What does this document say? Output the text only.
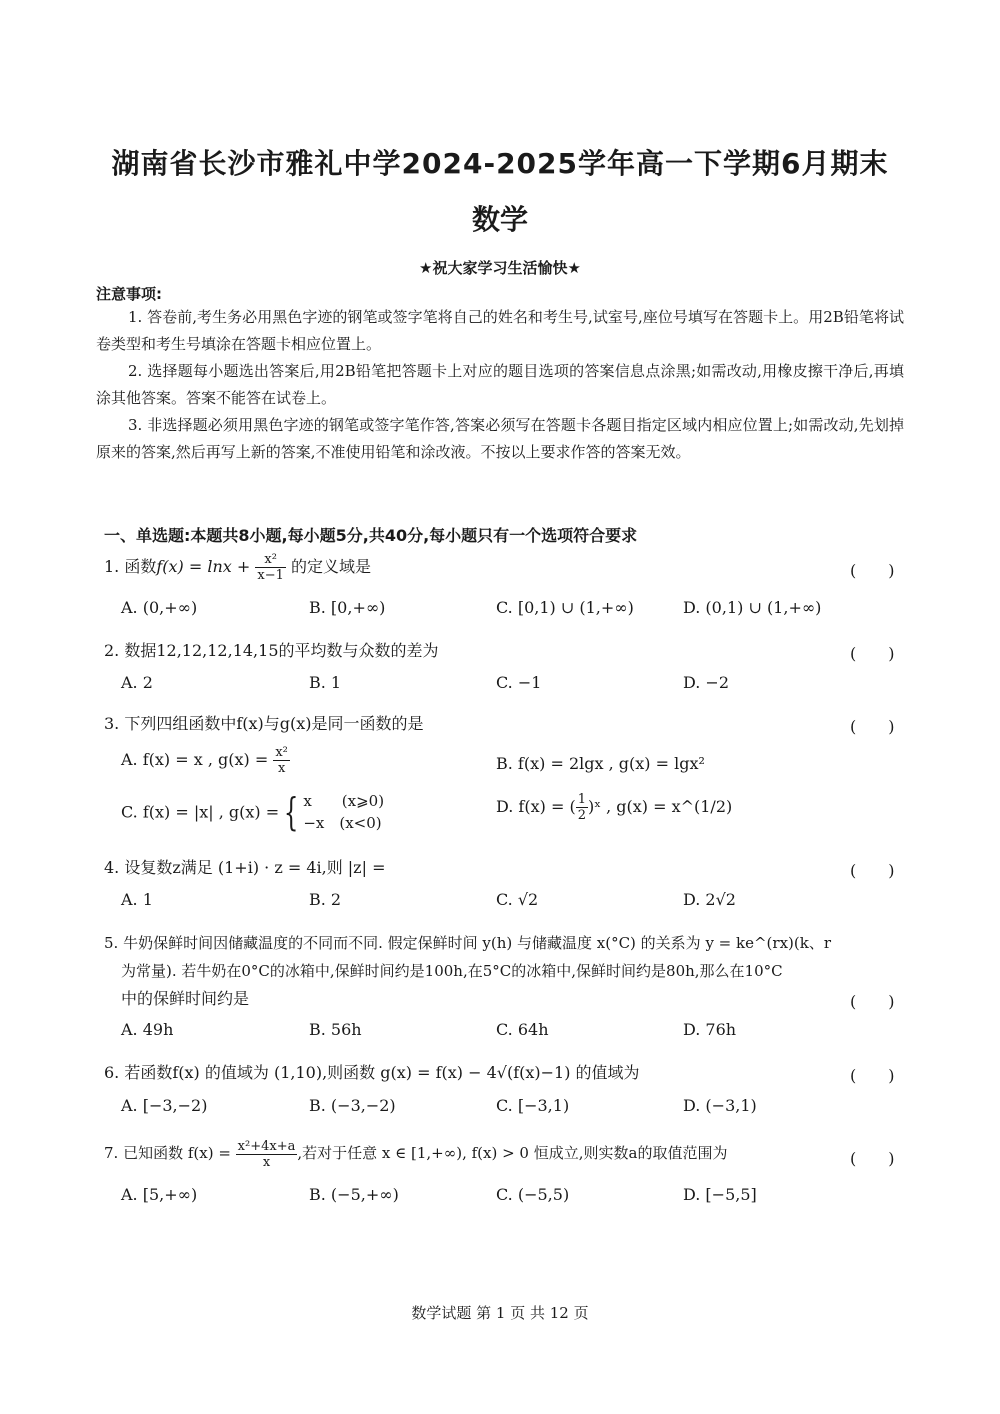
湖南省长沙市雅礼中学2024-2025学年高一下学期6月期末
数学
★祝大家学习生活愉快★
注意事项:
1. 答卷前,考生务必用黑色字迹的钢笔或签字笔将自己的姓名和考生号,试室号,座位号填写在答题卡上。用2B铅笔将试卷类型和考生号填涂在答题卡相应位置上。
2. 选择题每小题选出答案后,用2B铅笔把答题卡上对应的题目选项的答案信息点涂黑;如需改动,用橡皮擦干净后,再填涂其他答案。答案不能答在试卷上。
3. 非选择题必须用黑色字迹的钢笔或签字笔作答,答案必须写在答题卡各题目指定区域内相应位置上;如需改动,先划掉原来的答案,然后再写上新的答案,不准使用铅笔和涂改液。不按以上要求作答的答案无效。
一、单选题:本题共8小题,每小题5分,共40分,每小题只有一个选项符合要求
1. 函数$f(x) = \ln x + \frac{\text{x²}}{x-1}$ 的定义域是	(　　)
A. (0,+∞)	B. [0,+∞)	C. [0,1) ∪ (1,+∞)	D. (0,1) ∪ (1,+∞)
2. 数据12,12,12,14,15的平均数与众数的差为	(　　)
A. 2	B. 1	C. −1	D. −2
3. 下列四组函数中f(x)与g(x)是同一函数的是	(　　)
A. f(x) = x , $g(x) = \frac{\text{x²}}{x}$	B. f(x) = 2lgx , g(x) = lgx²
C. f(x) = |x| , g(x) = { x　　(x⩾0)
−x　(x<0)
D. f(x) = ( $\frac{1}{2}$ )ˣ , g(x) = x^(1/2)
4. 设复数z满足 (1+i) · z = 4i,则 |z| =	(　　)
A. 1	B. 2	C. √2	D. 2√2
5. 牛奶保鲜时间因储藏温度的不同而不同. 假定保鲜时间 y(h) 与储藏温度 x(°C) 的关系为 y = ke^(rx)(k、r
为常量). 若牛奶在0°C的冰箱中,保鲜时间约是100h,在5°C的冰箱中,保鲜时间约是80h,那么在10°C
中的保鲜时间约是	(　　)
A. 49h	B. 56h	C. 64h	D. 76h
6. 若函数f(x) 的值域为 (1,10),则函数 g(x) = f(x) − 4√(f(x)−1) 的值域为	(　　)
A. [−3,−2)	B. (−3,−2)	C. [−3,1)	D. (−3,1)
7. 已知函数 $f(x) = \frac{\text{x²+4x+a}}{x}$ ,若对于任意 x ∈ [1,+∞), f(x) > 0 恒成立,则实数a的取值范围为	(　　)
A. [5,+∞)	B. (−5,+∞)	C. (−5,5)	D. [−5,5]
数学试题 第 1 页 共 12 页
